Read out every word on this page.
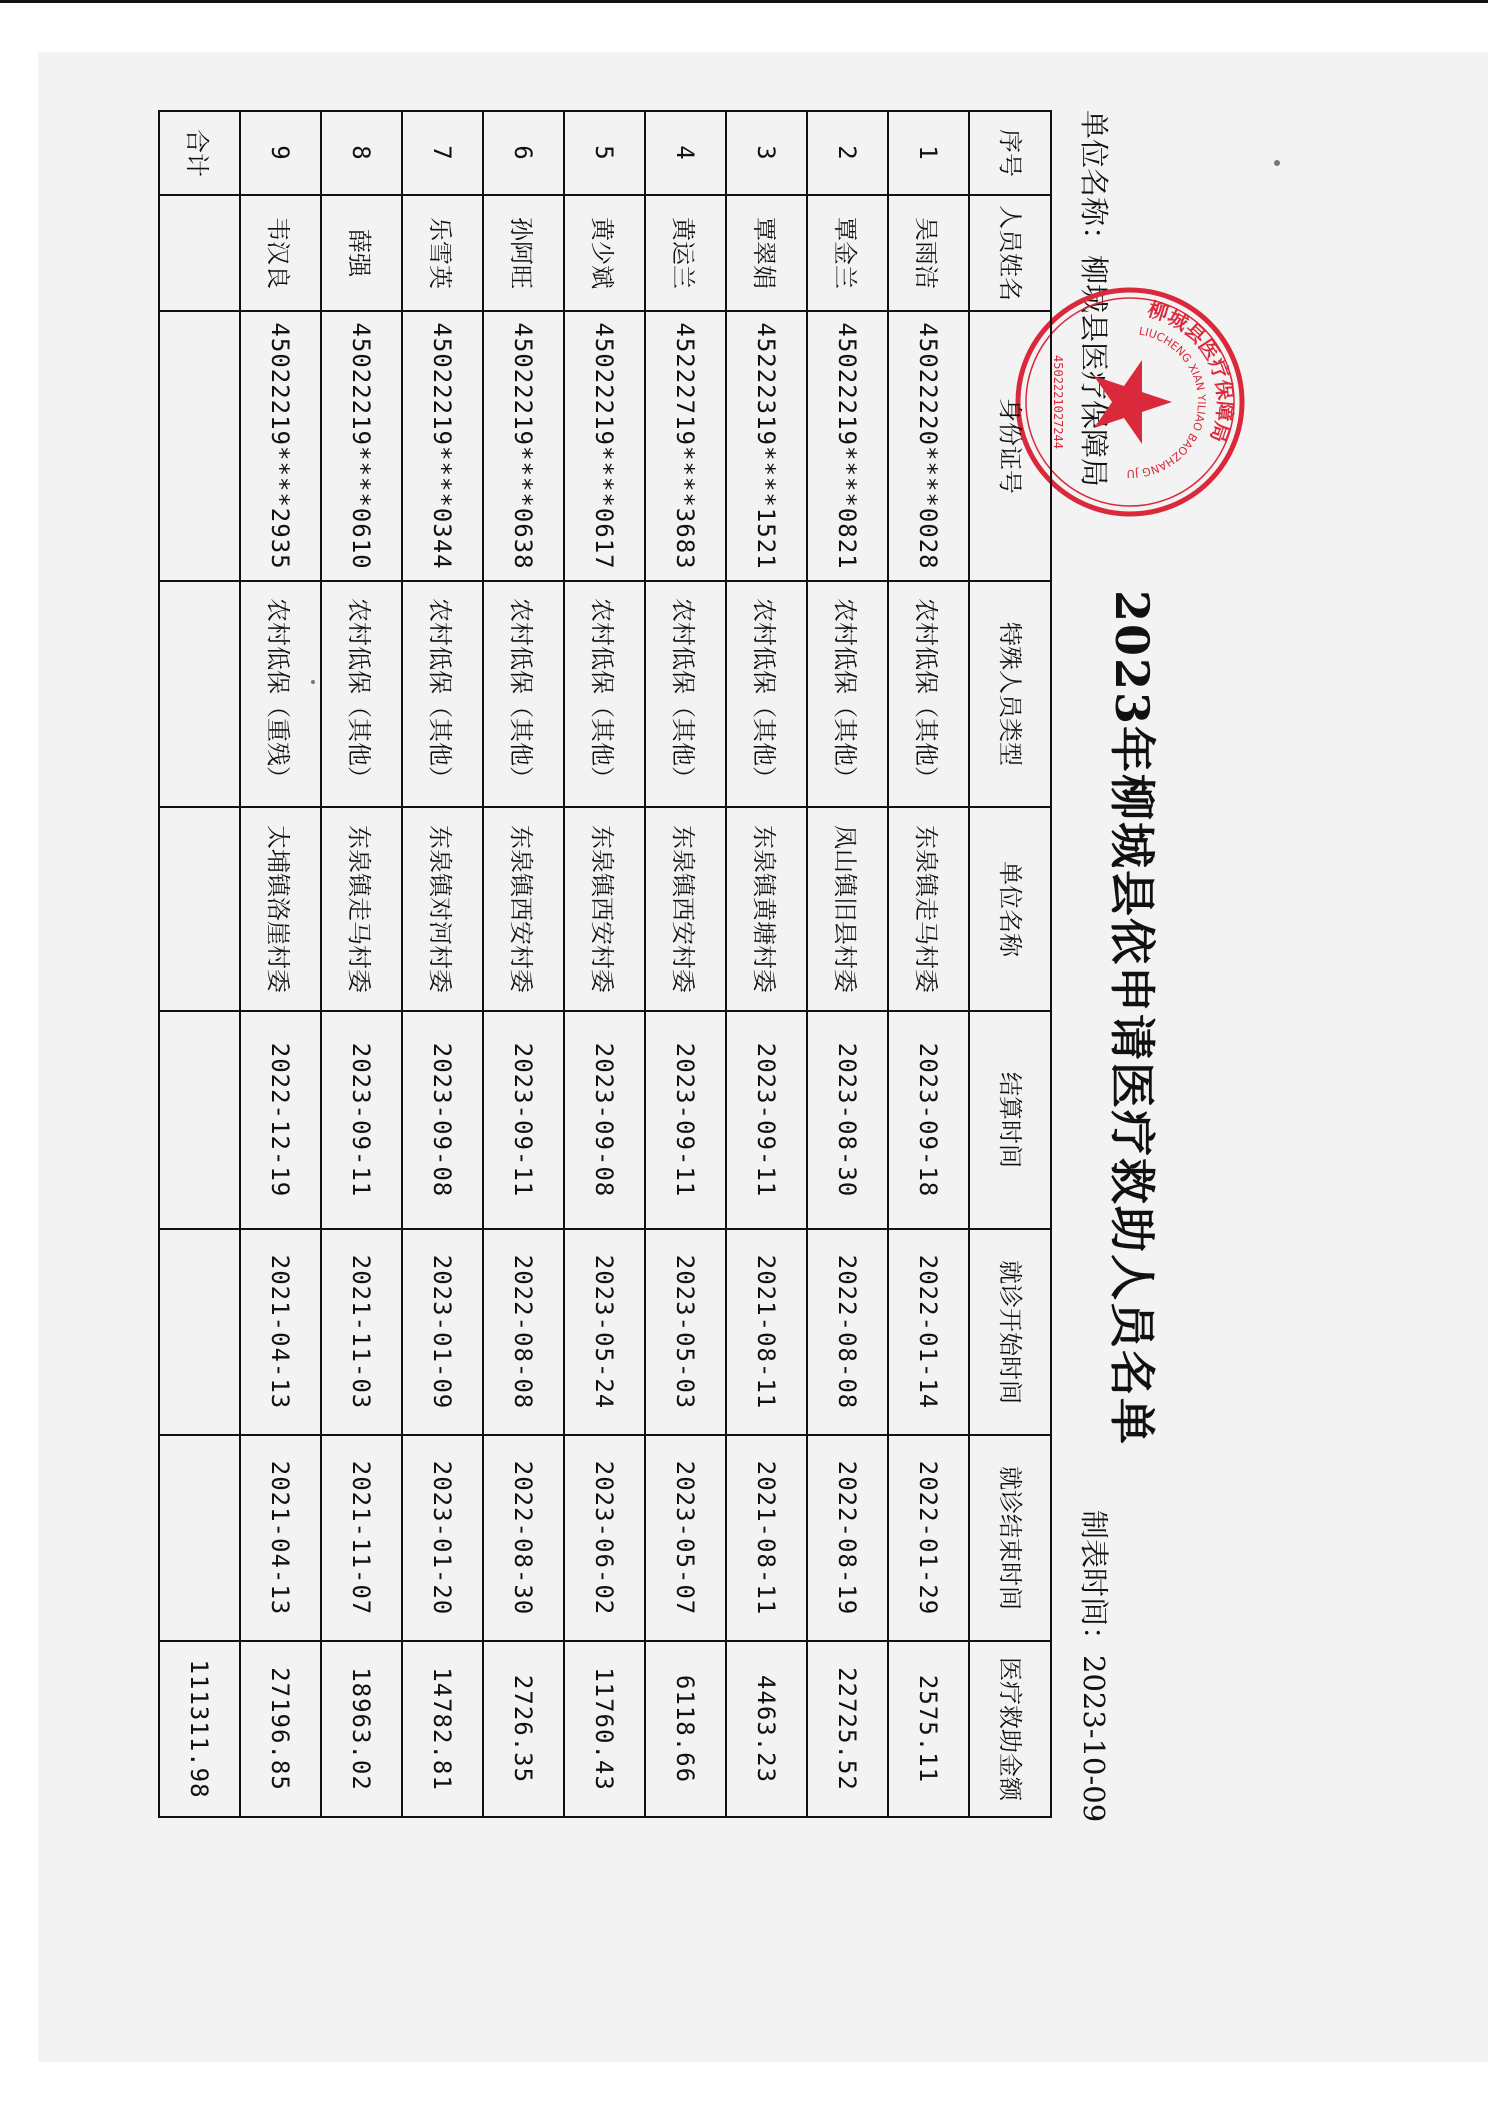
2023年柳城县依申请医疗救助人员名单
单位名称：柳城县医疗保障局
制表时间：2023-10-09
柳城县医疗保障局
LIUCHENG XIAN YILIAO BAOZHANG JU
4502221027244
序号	人员姓名	身份证号	特殊人员类型	单位名称	结算时间	就诊开始时间	就诊结束时间	医疗救助金额
1	吴雨洁	45022220****0028	农村低保（其他）	东泉镇走马村委	2023-09-18	2022-01-14	2022-01-29	2575.11
2	覃金兰	45022219****0821	农村低保（其他）	凤山镇旧县村委	2023-08-30	2022-08-08	2022-08-19	22725.52
3	覃翠娟	45222319****1521	农村低保（其他）	东泉镇黄塘村委	2023-09-11	2021-08-11	2021-08-11	4463.23
4	黄运兰	45222719****3683	农村低保（其他）	东泉镇西安村委	2023-09-11	2023-05-03	2023-05-07	6118.66
5	黄少斌	45022219****0617	农村低保（其他）	东泉镇西安村委	2023-09-08	2023-05-24	2023-06-02	11760.43
6	孙阿旺	45022219****0638	农村低保（其他）	东泉镇西安村委	2023-09-11	2022-08-08	2022-08-30	2726.35
7	乐雪英	45022219****0344	农村低保（其他）	东泉镇对河村委	2023-09-08	2023-01-09	2023-01-20	14782.81
8	薛强	45022219****0610	农村低保（其他）	东泉镇走马村委	2023-09-11	2021-11-03	2021-11-07	18963.02
9	韦汉良	45022219****2935	农村低保（重残）	太埔镇洛崖村委	2022-12-19	2021-04-13	2021-04-13	27196.85
合计								111311.98
